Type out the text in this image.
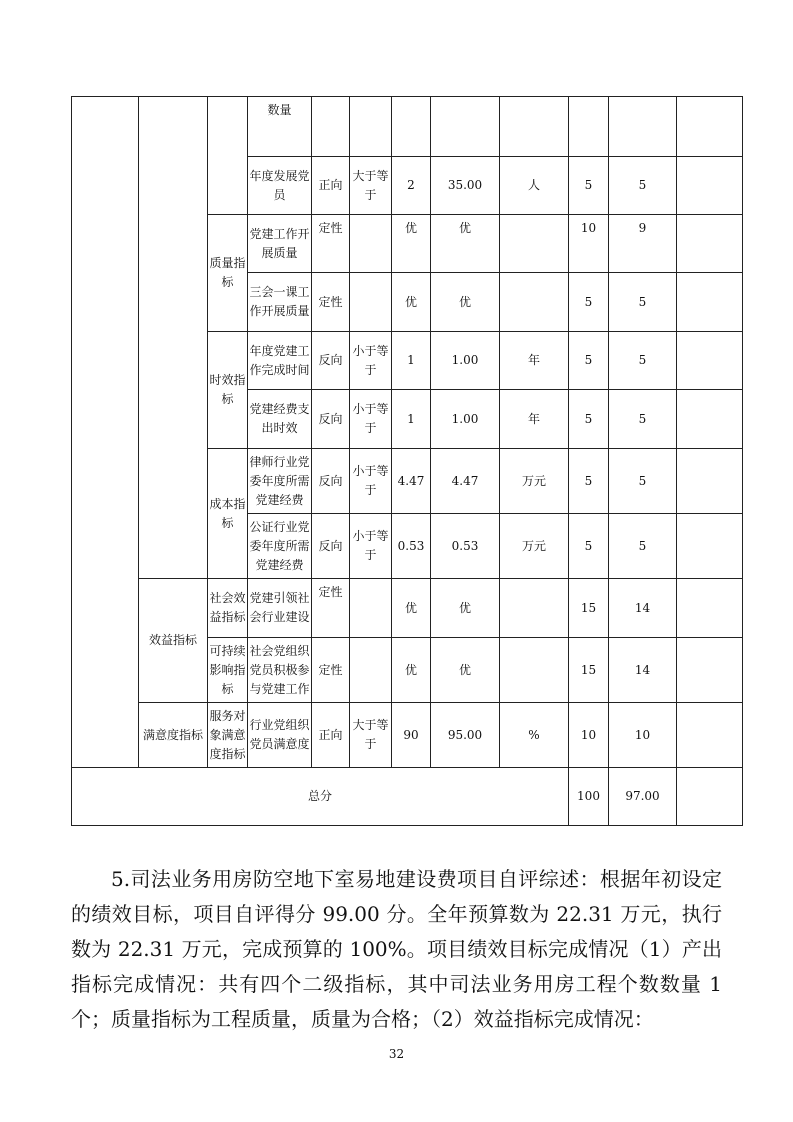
			数量								
			年度发展党员	正向	大于等于	2	35.00	人	5	5	
		质量指标	党建工作开展质量	定性		优	优		10	9	
			三会一课工作开展质量	定性		优	优		5	5	
		时效指标	年度党建工作完成时间	反向	小于等于	1	1.00	年	5	5	
			党建经费支出时效	反向	小于等于	1	1.00	年	5	5	
		成本指标	律师行业党委年度所需党建经费	反向	小于等于	4.47	4.47	万元	5	5	
			公证行业党委年度所需党建经费	反向	小于等于	0.53	0.53	万元	5	5	
	效益指标	社会效益指标	党建引领社会行业建设	定性		优	优		15	14	
		可持续影响指标	社会党组织党员积极参与党建工作	定性		优	优		15	14	
	满意度指标	服务对象满意度指标	行业党组织党员满意度	正向	大于等于	90	95.00	%	10	10	
总分									100	97.00	

5.司法业务用房防空地下室易地建设费项目自评综述：根据年初设定的绩效目标，项目自评得分 99.00 分。全年预算数为 22.31 万元，执行数为 22.31 万元，完成预算的 100%。项目绩效目标完成情况（1）产出指标完成情况：共有四个二级指标，其中司法业务用房工程个数数量 1 个；质量指标为工程质量，质量为合格；（2）效益指标完成情况：

32
